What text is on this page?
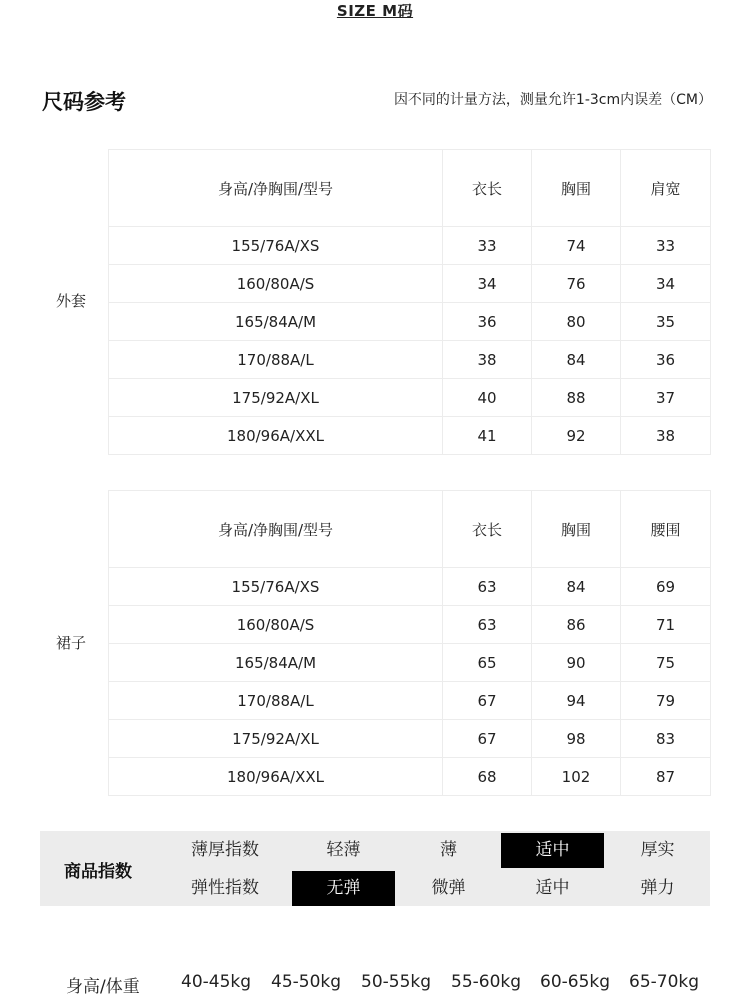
SIZE M码
尺码参考	因不同的计量方法，测量允许1-3cm内误差（CM）
外套
身高/净胸围/型号	衣长	胸围	肩宽
155/76A/XS	33	74	33
160/80A/S	34	76	34
165/84A/M	36	80	35
170/88A/L	38	84	36
175/92A/XL	40	88	37
180/96A/XXL	41	92	38
裙子
身高/净胸围/型号	衣长	胸围	腰围
155/76A/XS	63	84	69
160/80A/S	63	86	71
165/84A/M	65	90	75
170/88A/L	67	94	79
175/92A/XL	67	98	83
180/96A/XXL	68	102	87
商品指数
薄厚指数	轻薄	薄	适中	厚实
弹性指数	无弹	微弹	适中	弹力
身高/体重 40-45kg 45-50kg 50-55kg 55-60kg 60-65kg 65-70kg
